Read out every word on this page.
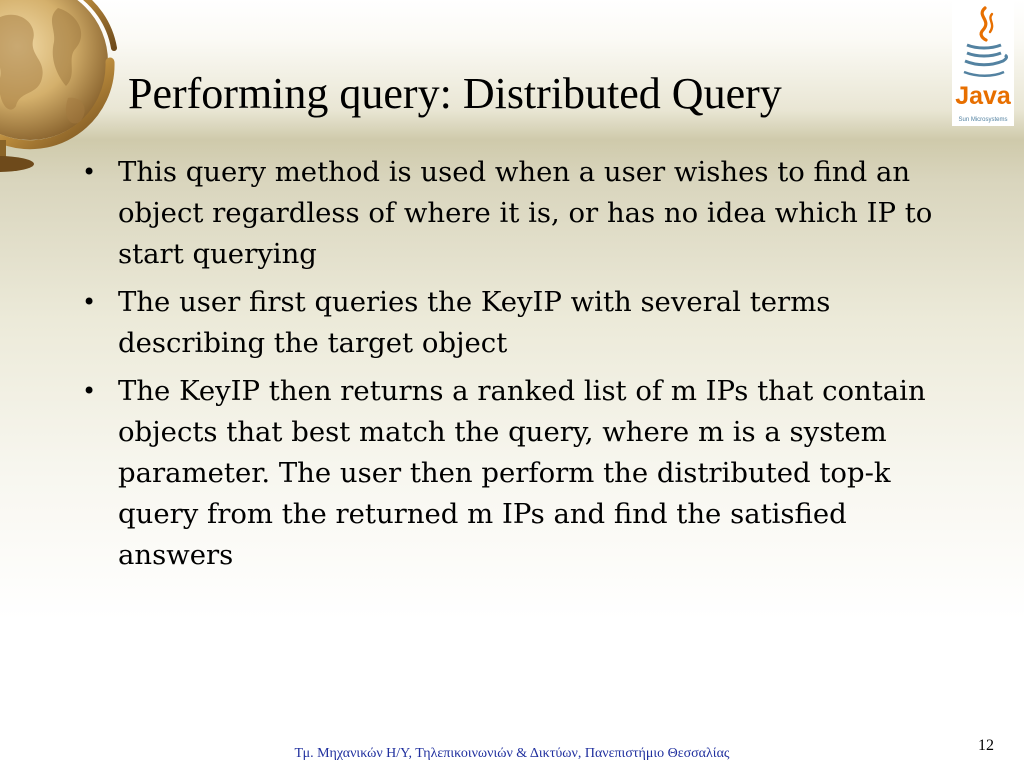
Java
Sun Microsystems
Performing query: Distributed Query
• This query method is used when a user wishes to find an object regardless of where it is, or has no idea which IP to start querying
• The user first queries the KeyIP with several terms describing the target object
• The KeyIP then returns a ranked list of m IPs that contain objects that best match the query, where m is a system parameter. The user then perform the distributed top-k query from the returned m IPs and find the satisfied answers
Τμ. Μηχανικών Η/Υ, Τηλεπικοινωνιών & Δικτύων, Πανεπιστήμιο Θεσσαλίας	12
